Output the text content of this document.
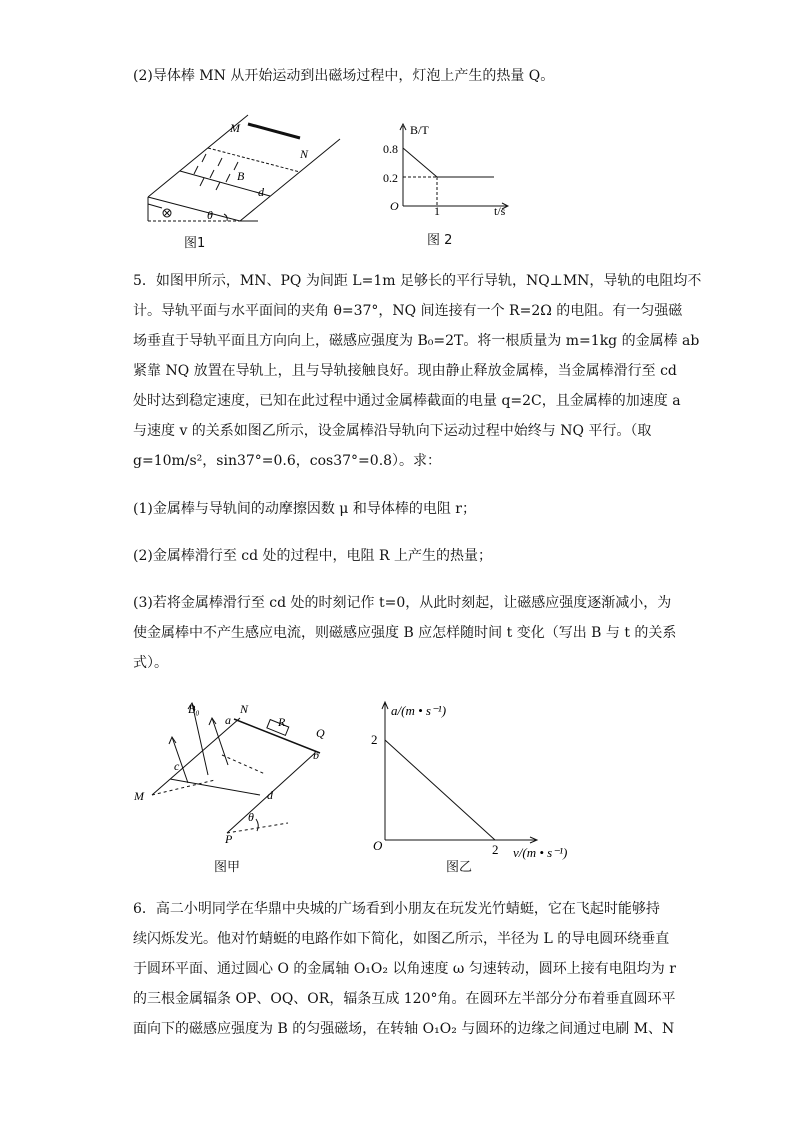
(2)导体棒 MN 从开始运动到出磁场过程中，灯泡上产生的热量 Q。
M
N
B
d
θ
图1
B/T
0.8
0.2
O	1	t/s
图 2
5．如图甲所示，MN、PQ 为间距 L=1m 足够长的平行导轨，NQ⊥MN，导轨的电阻均不
计。导轨平面与水平面间的夹角 θ=37°，NQ 间连接有一个 R=2Ω 的电阻。有一匀强磁
场垂直于导轨平面且方向向上，磁感应强度为 B₀=2T。将一根质量为 m=1kg 的金属棒 ab
紧靠 NQ 放置在导轨上，且与导轨接触良好。现由静止释放金属棒，当金属棒滑行至 cd
处时达到稳定速度，已知在此过程中通过金属棒截面的电量 q=2C，且金属棒的加速度 a
与速度 v 的关系如图乙所示，设金属棒沿导轨向下运动过程中始终与 NQ 平行。（取
g=10m/s²，sin37°=0.6，cos37°=0.8）。求：
(1)金属棒与导轨间的动摩擦因数 μ 和导体棒的电阻 r；
(2)金属棒滑行至 cd 处的过程中，电阻 R 上产生的热量；
(3)若将金属棒滑行至 cd 处的时刻记作 t=0，从此时刻起，让磁感应强度逐渐减小，为
使金属棒中不产生感应电流，则磁感应强度 B 应怎样随时间 t 变化（写出 B 与 t 的关系
式）。
B₀
a
N
R
Q
b
c
d
M
P
θ
图甲
a/(m • s⁻¹)
2
O	2 v/(m • s⁻¹)
图乙
6．高二小明同学在华鼎中央城的广场看到小朋友在玩发光竹蜻蜓，它在飞起时能够持
续闪烁发光。他对竹蜻蜓的电路作如下简化，如图乙所示，半径为 L 的导电圆环绕垂直
于圆环平面、通过圆心 O 的金属轴 O₁O₂ 以角速度 ω 匀速转动，圆环上接有电阻均为 r
的三根金属辐条 OP、OQ、OR，辐条互成 120°角。在圆环左半部分分布着垂直圆环平
面向下的磁感应强度为 B 的匀强磁场，在转轴 O₁O₂ 与圆环的边缘之间通过电刷 M、N
